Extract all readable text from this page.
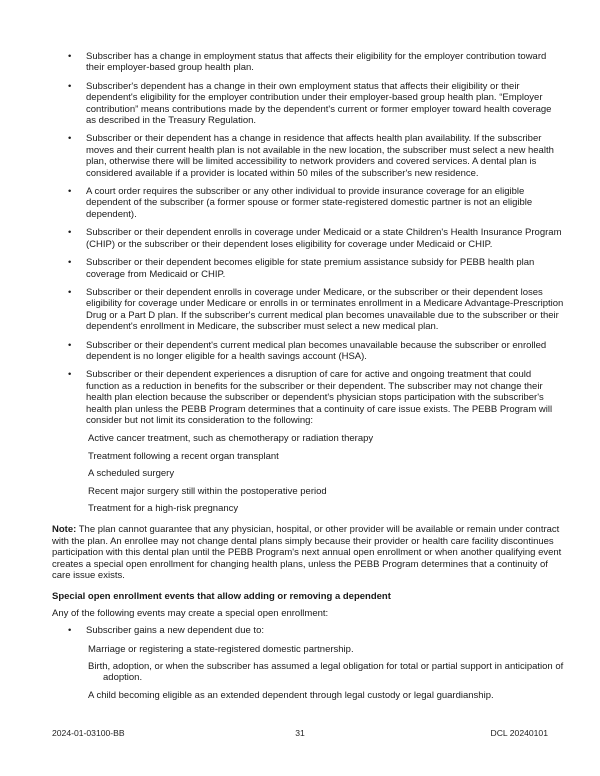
• Subscriber has a change in employment status that affects their eligibility for the employer contribution toward their employer-based group health plan.
• Subscriber's dependent has a change in their own employment status that affects their eligibility or their dependent's eligibility for the employer contribution under their employer-based group health plan. “Employer contribution” means contributions made by the dependent's current or former employer toward health coverage as described in the Treasury Regulation.
• Subscriber or their dependent has a change in residence that affects health plan availability. If the subscriber moves and their current health plan is not available in the new location, the subscriber must select a new health plan, otherwise there will be limited accessibility to network providers and covered services. A dental plan is considered available if a provider is located within 50 miles of the subscriber's new residence.
• A court order requires the subscriber or any other individual to provide insurance coverage for an eligible dependent of the subscriber (a former spouse or former state-registered domestic partner is not an eligible dependent).
• Subscriber or their dependent enrolls in coverage under Medicaid or a state Children's Health Insurance Program (CHIP) or the subscriber or their dependent loses eligibility for coverage under Medicaid or CHIP.
• Subscriber or their dependent becomes eligible for state premium assistance subsidy for PEBB health plan coverage from Medicaid or CHIP.
• Subscriber or their dependent enrolls in coverage under Medicare, or the subscriber or their dependent loses eligibility for coverage under Medicare or enrolls in or terminates enrollment in a Medicare Advantage-Prescription Drug or a Part D plan. If the subscriber's current medical plan becomes unavailable due to the subscriber or their dependent's enrollment in Medicare, the subscriber must select a new medical plan.
• Subscriber or their dependent's current medical plan becomes unavailable because the subscriber or enrolled dependent is no longer eligible for a health savings account (HSA).
• Subscriber or their dependent experiences a disruption of care for active and ongoing treatment that could function as a reduction in benefits for the subscriber or their dependent. The subscriber may not change their health plan election because the subscriber or dependent's physician stops participation with the subscriber's health plan unless the PEBB Program determines that a continuity of care issue exists. The PEBB Program will consider but not limit its consideration to the following:

Active cancer treatment, such as chemotherapy or radiation therapy

Treatment following a recent organ transplant

A scheduled surgery

Recent major surgery still within the postoperative period

Treatment for a high-risk pregnancy

Note: The plan cannot guarantee that any physician, hospital, or other provider will be available or remain under contract with the plan. An enrollee may not change dental plans simply because their provider or health care facility discontinues participation with this dental plan until the PEBB Program's next annual open enrollment or when another qualifying event creates a special open enrollment for changing health plans, unless the PEBB Program determines that a continuity of care issue exists.

Special open enrollment events that allow adding or removing a dependent

Any of the following events may create a special open enrollment:

• Subscriber gains a new dependent due to:

Marriage or registering a state-registered domestic partnership.

Birth, adoption, or when the subscriber has assumed a legal obligation for total or partial support in anticipation of adoption.

A child becoming eligible as an extended dependent through legal custody or legal guardianship.

2024-01-03100-BB	31	DCL 20240101
